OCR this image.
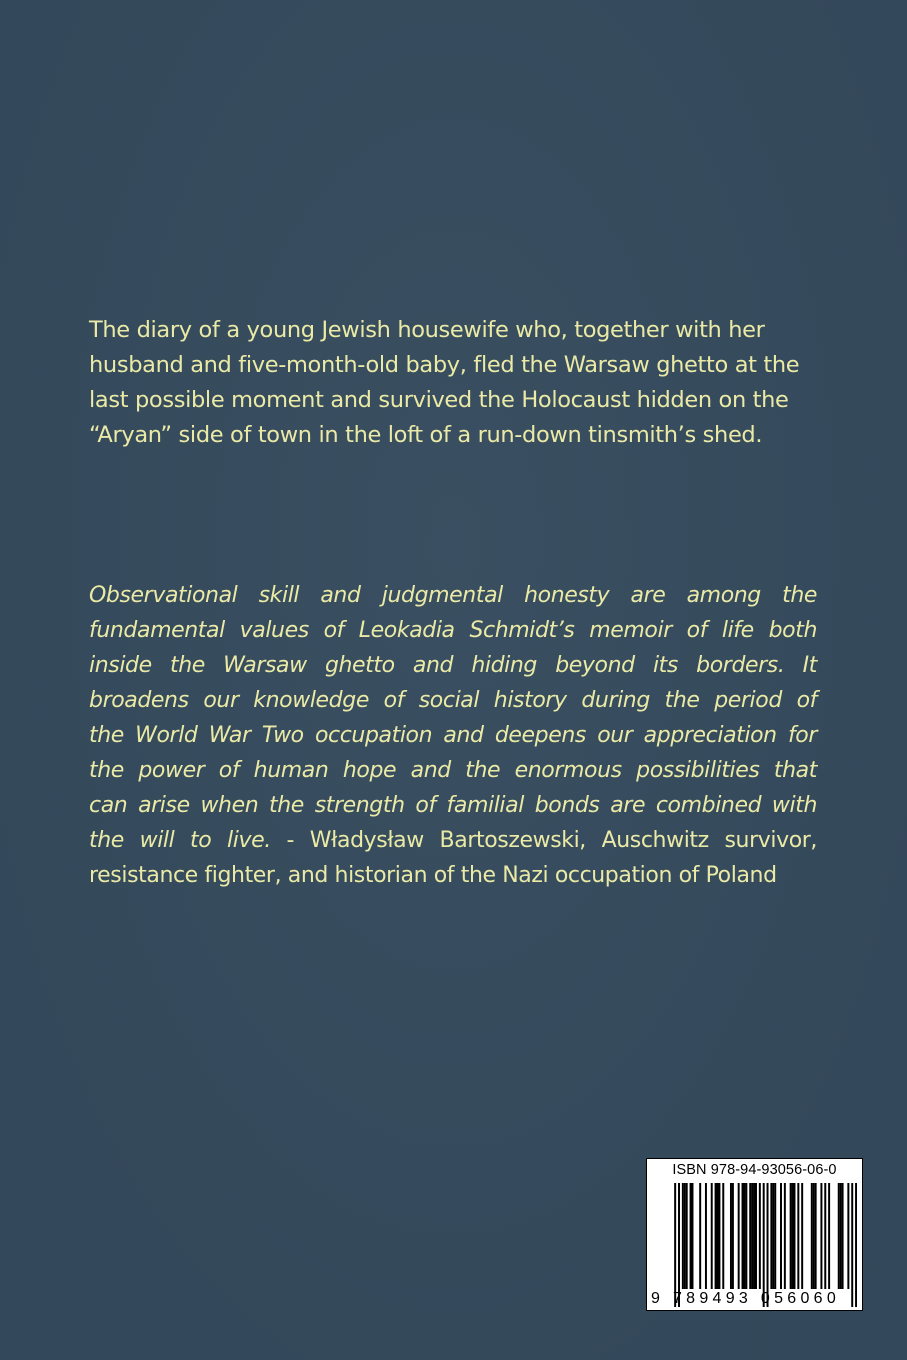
The diary of a young Jewish housewife who, together with her
husband and five-month-old baby, fled the Warsaw ghetto at the
last possible moment and survived the Holocaust hidden on the
“Aryan” side of town in the loft of a run-down tinsmith’s shed.
Observational skill and judgmental honesty are among the
fundamental values of Leokadia Schmidt’s memoir of life both
inside the Warsaw ghetto and hiding beyond its borders. It
broadens our knowledge of social history during the period of
the World War Two occupation and deepens our appreciation for
the power of human hope and the enormous possibilities that
can arise when the strength of familial bonds are combined with
the will to live. - Władysław Bartoszewski, Auschwitz survivor,
resistance fighter, and historian of the Nazi occupation of Poland
ISBN 978-94-93056-06-0
9 789493 056060
